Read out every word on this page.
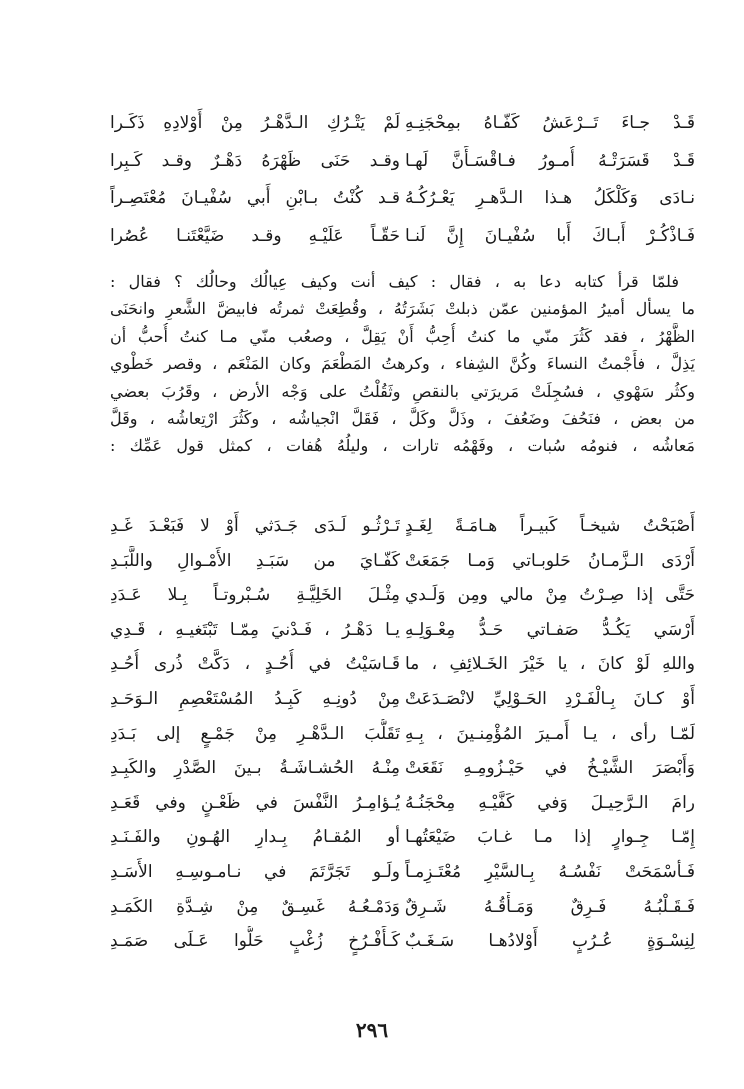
قَـدْ جـاءَ تَــرْعَشُ كَفّـاهُ بمِحْجَنِـهِ
لَمْ يَتْـرُكِ الـدَّهْـرُ مِنْ أَوْلادِهِ ذَكَـرا
قَـدْ قَسَرَتْـهُ أُمـورُ فـاقْسَـأَنَّ لَهـا
وقـد حَنَى ظَهْرَهُ دَهْـرٌ وقـد كَـبِرا
نـادَى وَكَلْكَلُ هـذا الـدَّهـرِ يَعْـرُكُـهُ
قـد كُنْتُ بـابْنِ أَبي سُفْيـانَ مُعْتَصِـراً
فَـاذْكُـرْ أَبـاكَ أَبا سُفْيـانَ إِنَّ لَنـا
حَقّـاً عَلَيْـهِ وقـد ضَيَّعْتَنـا عُصُرا
فلمّا قرأ كتابه دعا به ، فقال : كيف أنت وكيف عِيالُك وحالُك ؟ فقال :
ما يسأل أميرُ المؤمنين عمّن ذبلتْ بَشَرَتُهُ ، وقُطِعَتْ ثمرتُه فابيضَّ الشَّعرِ وانحَنَى
الظَّهْرُ ، فقد كَثُرَ منّي ما كنتُ أُحِبُّ أَنْ يَقِلَّ ، وصعُب منّي مـا كنتُ أُحبُّ أن
يَذِلَّ ، فأَجْمتُ النساءَ وكُنَّ الشِفاء ، وكرهتُ المَطْعَمَ وكان المَنْعَم ، وقصر خَطْوي
وكثُر سَهْوي ، فسُجِلَتْ مَريرَتي بالنقصِ وثَقُلْتُ على وَجْه الأرض ، وقَرُبَ بعضي
من بعض ، فنَحُفَ وضَعُفَ ، وذَلَّ وكَلَّ ، فَقَلَّ انْجياشُه ، وكَثُرَ ارْتِعاشُه ، وقَلَّ
مَعاشُه ، فنومُه سُبات ، وفَهْمُه تارات ، وليلُهُ هُفات ، كمثل قول عَمِّك :
أَصْبَحْتُ شيخـاً كَبيـراً هـامَـةً لِغَـدٍ
تَـرْثُـو لَـدَى جَـدَثي أَوْ لا فَبَعْـدَ غَـدِ
أَرْدَى الـزَّمـانُ حَلوبـاتي وَمـا جَمَعَتْ
كَفّـايَ من سَبَـدِ الأَمْـوالِ واللَّبَـدِ
حَتَّى إذا صِـرْتُ مِنْ مالي ومِن وَلَـدي
مِثْـلَ الخَلِيَّـةِ سُـبْروتـاً بِـلا عَـدَدِ
أَرْسَي يَكُـدُّ صَفـاتي حَـدُّ مِعْـوَلِـهِ
يـا دَهْـرُ ، فَـدْنيَ مِمّـا تَبْتَغيـهِ ، قَـدِي
واللهِ لَوْ كانَ ، يا خَيْرَ الخَـلائِفِ ، ما
قَـاسَيْتُ في أُحُـدٍ ، دَكَّتْ ذُرى أُحُـدِ
أَوْ كـانَ بِـالْفَـرْدِ الحَـوْلِيِّ لانْصَـدَعَتْ
مِنْ دُونِـهِ كَبِـدُ المُسْتَعْصِمِ الـوَحَـدِ
لَمّـا رأى ، يـا أَمـيرَ المُؤْمِنـينَ ، بِـهِ
تَقَلُّبَ الـدَّهْـرِ مِنْ جَمْـعٍ إلى بَـدَدِ
وَأَبْصَرَ الشَّيْـخُ في حَيْـزُومِـهِ نَقَعَتْ
مِنْـهُ الحُشـاشَـةُ بـينَ الصَّدْرِ والكَبِـدِ
رامَ الـرَّحِيـلَ وَفي كَفَّيْـهِ مِحْجَنُـهُ
يُـؤامِـرُ النَّفْسَ في ظَعْـنٍ وفي قَعَـدِ
إِمّـا جِـوارٍ إذا مـا غـابَ ضَيْعَتُهـا
أو المُقـامُ بِـدارِ الهُـونِ والفَـنَـدِ
فَـأسْمَحَتْ نَفْسُـهُ بِـالسَّيْرِ مُعْتَـزِمـاً
ولَـو تَجَرَّتَمَ في نـامـوسِـهِ الأَسَـدِ
فَـقَـلْبُـهُ فَـرِقٌ وَمَـأْقُـهُ شَـرِقٌ
وَدَمْـعُـهُ غَسِـقٌ مِنْ شِـدَّةِ الكَمَـدِ
لِنِسْـوَةٍ عُـرُبٍ أَوْلادُهـا سَـغَـبٌ
كَـأَفْـرُخٍ زُغْبٍ حَلُّوا عَـلَى صَمَـدِ
٢٩٦
